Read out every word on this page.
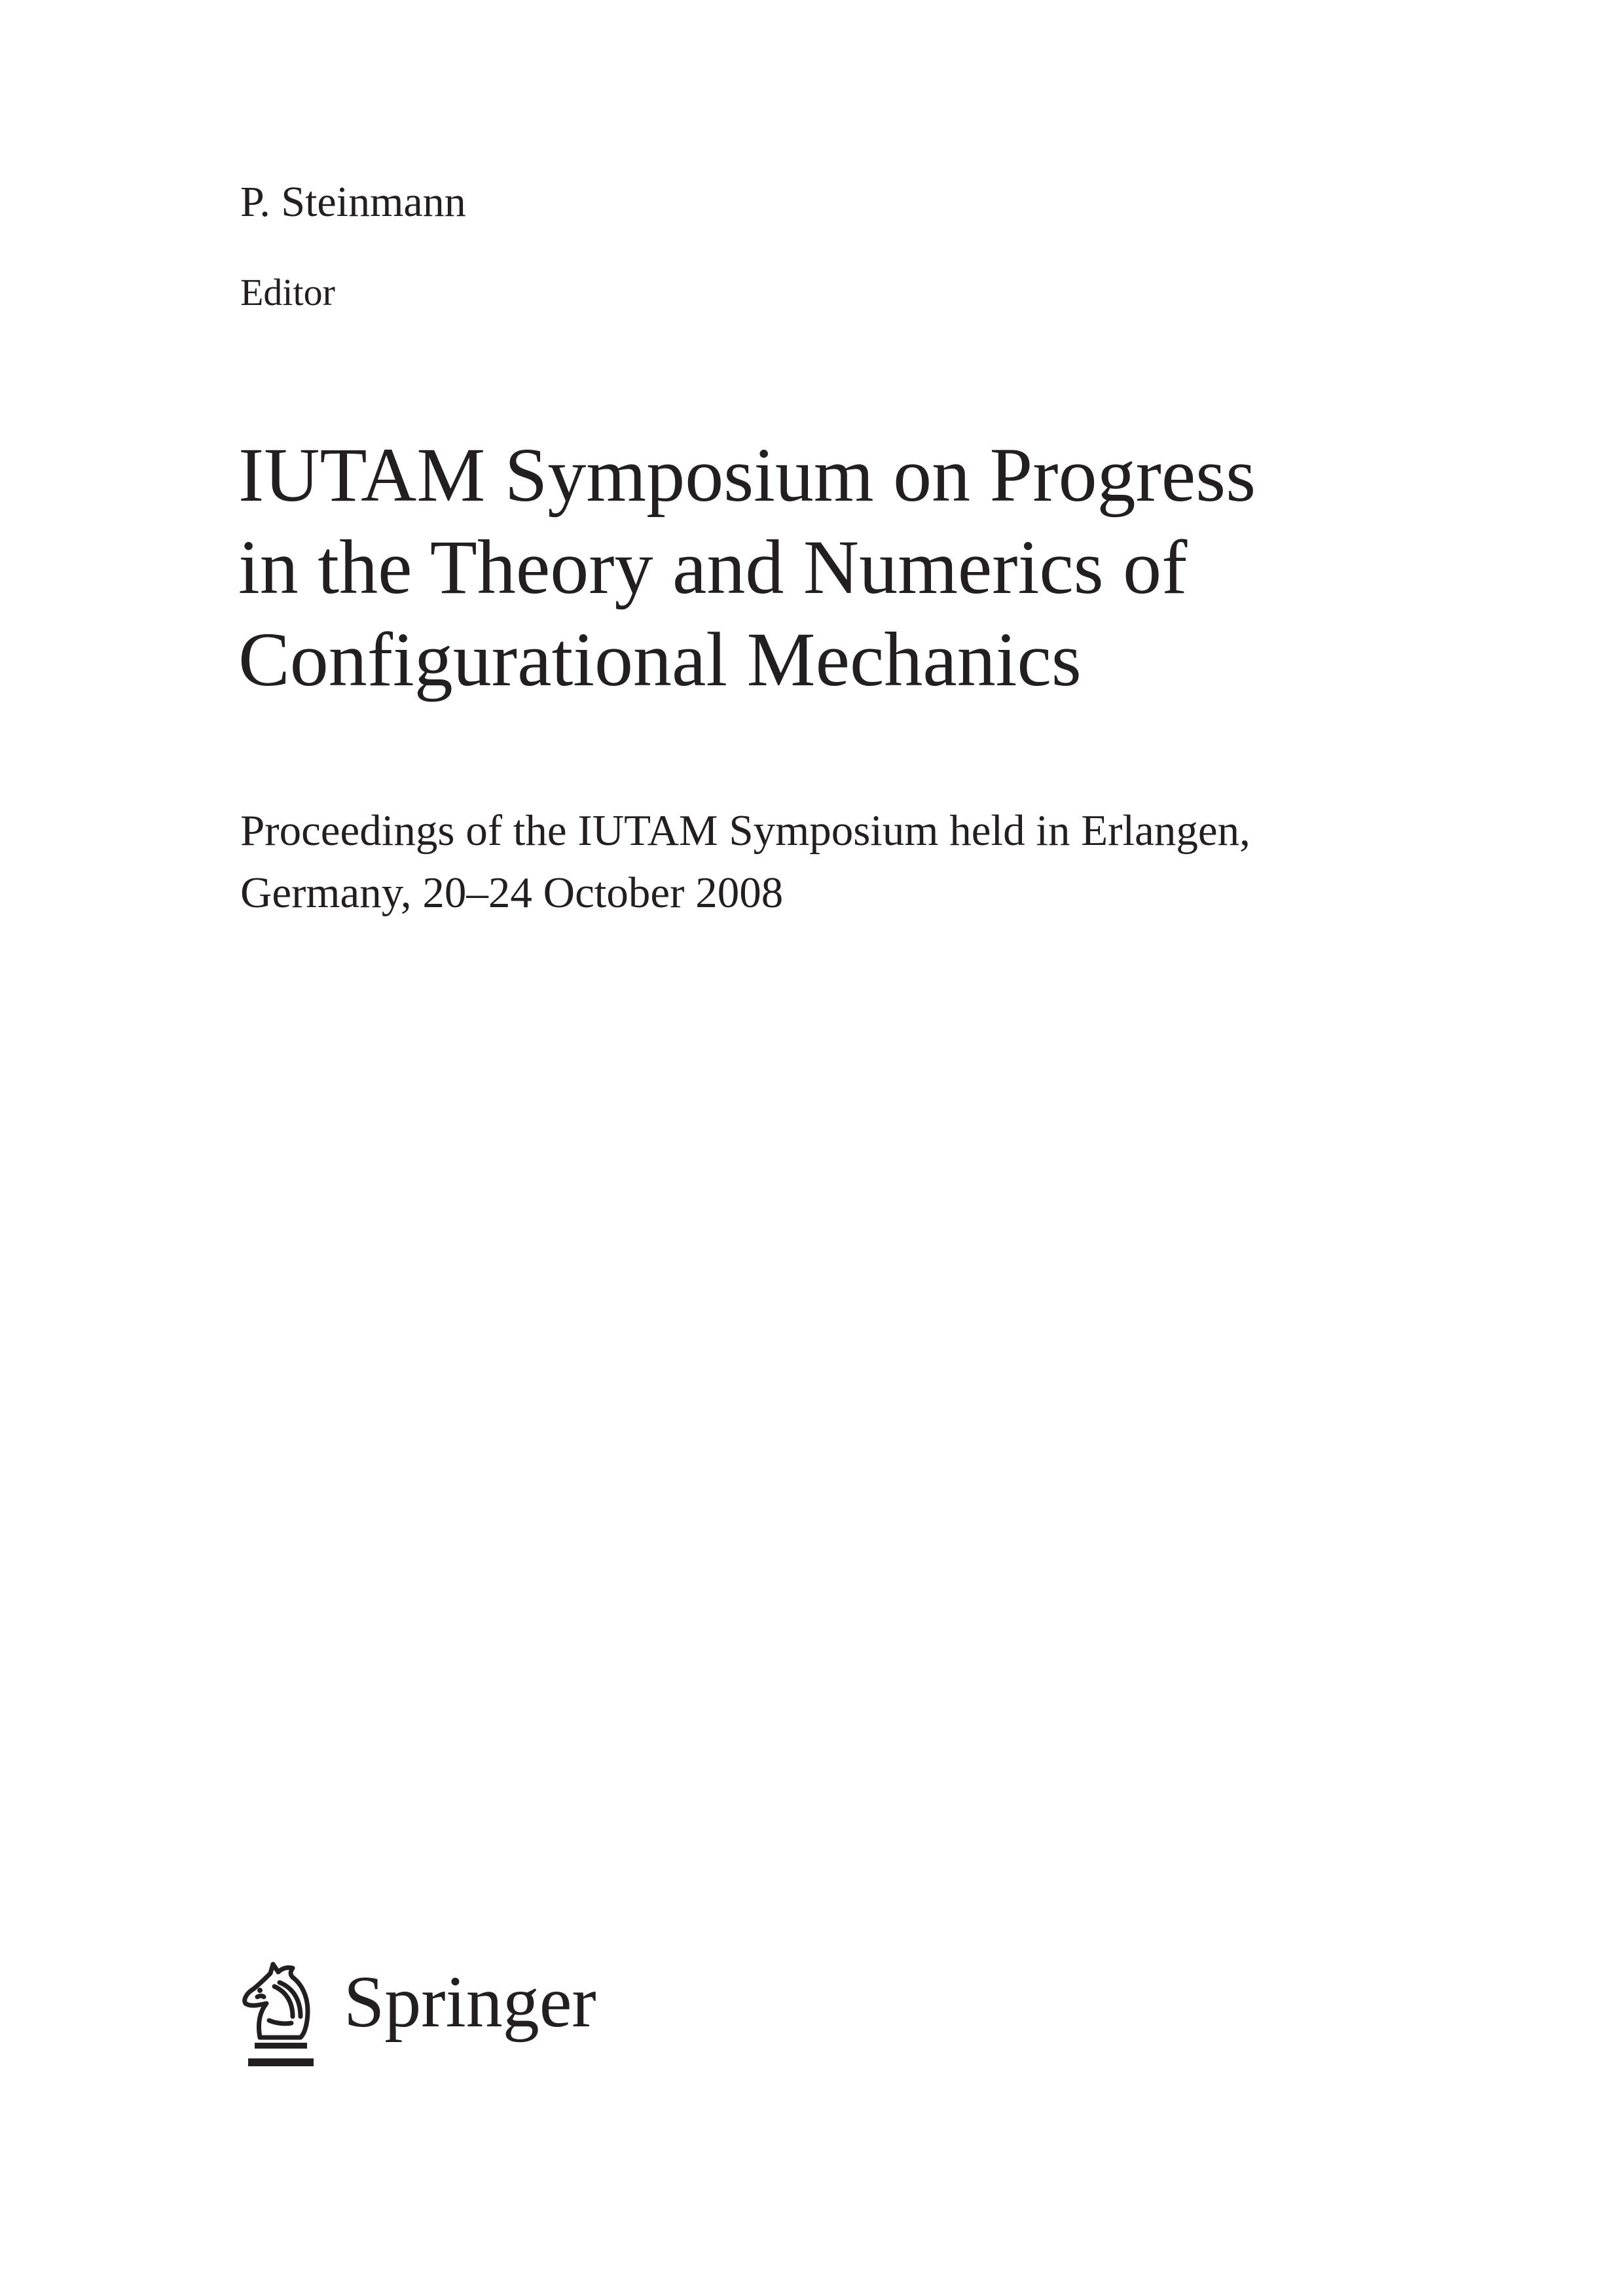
P. Steinmann
Editor
IUTAM Symposium on Progress
in the Theory and Numerics of
Configurational Mechanics
Proceedings of the IUTAM Symposium held in Erlangen,
Germany, 20–24 October 2008
Springer
